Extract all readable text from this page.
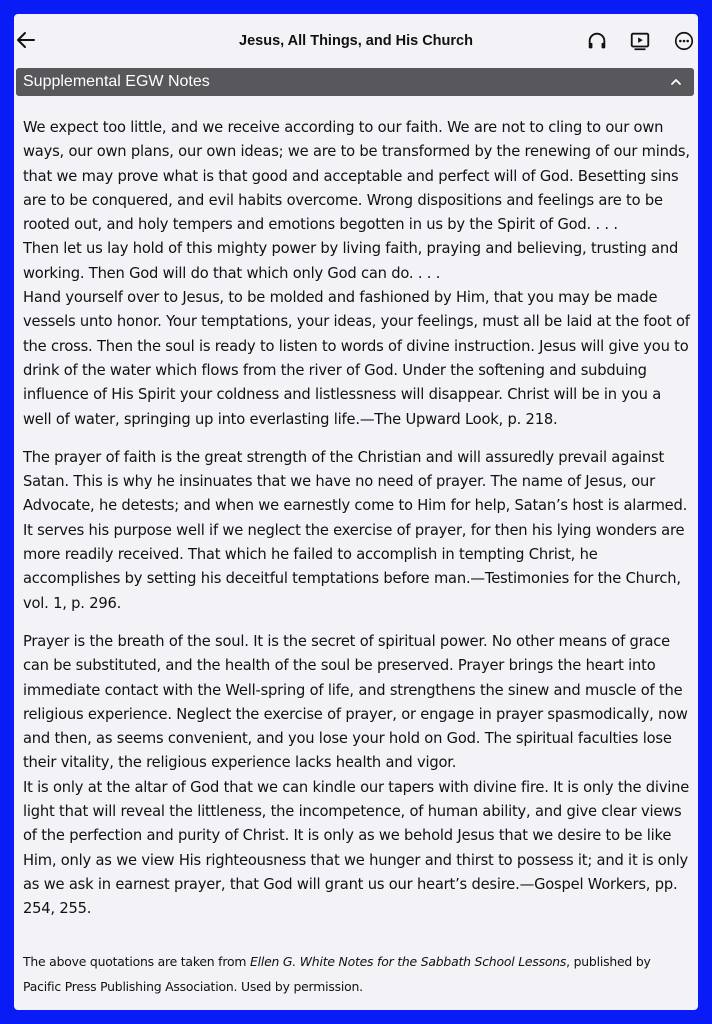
Jesus, All Things, and His Church
Supplemental EGW Notes

We expect too little, and we receive according to our faith. We are not to cling to our own ways, our own plans, our own ideas; we are to be transformed by the renewing of our minds, that we may prove what is that good and acceptable and perfect will of God. Besetting sins are to be conquered, and evil habits overcome. Wrong dispositions and feelings are to be rooted out, and holy tempers and emotions begotten in us by the Spirit of God. . . .
Then let us lay hold of this mighty power by living faith, praying and believing, trusting and working. Then God will do that which only God can do. . . .
Hand yourself over to Jesus, to be molded and fashioned by Him, that you may be made vessels unto honor. Your temptations, your ideas, your feelings, must all be laid at the foot of the cross. Then the soul is ready to listen to words of divine instruction. Jesus will give you to drink of the water which flows from the river of God. Under the softening and subduing influence of His Spirit your coldness and listlessness will disappear. Christ will be in you a well of water, springing up into everlasting life.—The Upward Look, p. 218.

The prayer of faith is the great strength of the Christian and will assuredly prevail against Satan. This is why he insinuates that we have no need of prayer. The name of Jesus, our Advocate, he detests; and when we earnestly come to Him for help, Satan’s host is alarmed. It serves his purpose well if we neglect the exercise of prayer, for then his lying wonders are more readily received. That which he failed to accomplish in tempting Christ, he accomplishes by setting his deceitful temptations before man.—Testimonies for the Church, vol. 1, p. 296.

Prayer is the breath of the soul. It is the secret of spiritual power. No other means of grace can be substituted, and the health of the soul be preserved. Prayer brings the heart into immediate contact with the Well-spring of life, and strengthens the sinew and muscle of the religious experience. Neglect the exercise of prayer, or engage in prayer spasmodically, now and then, as seems convenient, and you lose your hold on God. The spiritual faculties lose their vitality, the religious experience lacks health and vigor.
It is only at the altar of God that we can kindle our tapers with divine fire. It is only the divine light that will reveal the littleness, the incompetence, of human ability, and give clear views of the perfection and purity of Christ. It is only as we behold Jesus that we desire to be like Him, only as we view His righteousness that we hunger and thirst to possess it; and it is only as we ask in earnest prayer, that God will grant us our heart’s desire.—Gospel Workers, pp. 254, 255.

The above quotations are taken from Ellen G. White Notes for the Sabbath School Lessons, published by Pacific Press Publishing Association. Used by permission.
